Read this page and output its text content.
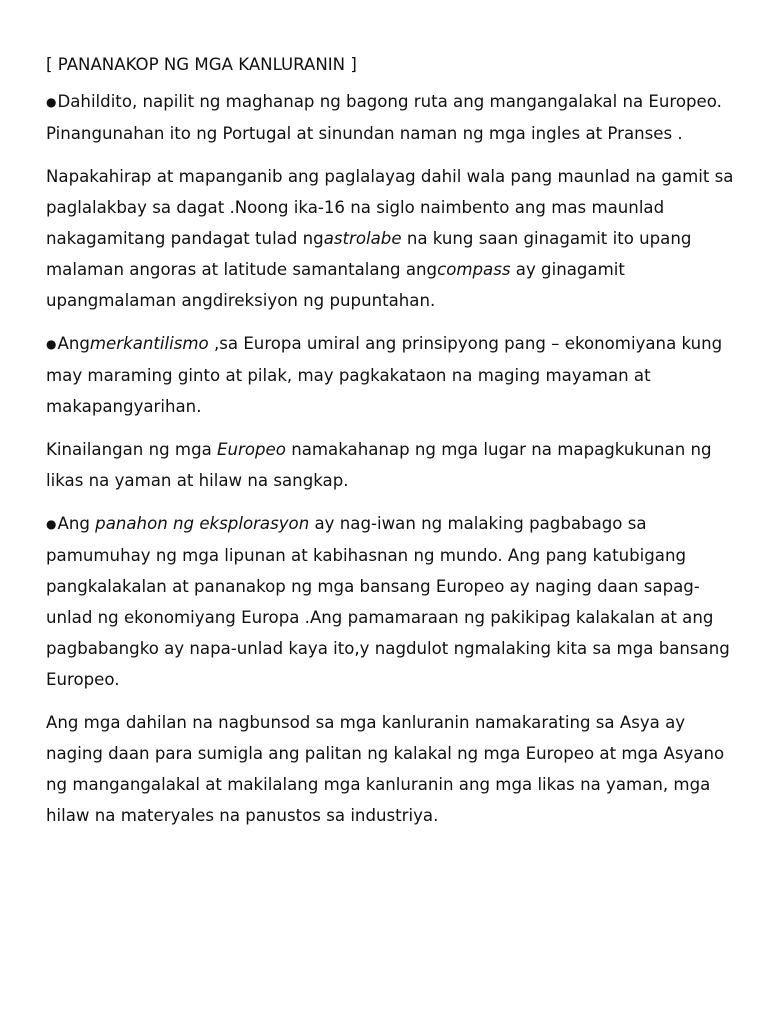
[ PANANAKOP NG MGA KANLURANIN ]

●Dahildito, napilit ng maghanap ng bagong ruta ang mangangalakal na Europeo. Pinangunahan ito ng Portugal at sinundan naman ng mga ingles at Pranses .

Napakahirap at mapanganib ang paglalayag dahil wala pang maunlad na gamit sa paglalakbay sa dagat .Noong ika-16 na siglo naimbento ang mas maunlad nakagamitang pandagat tulad ngastrolabe na kung saan ginagamit ito upang malaman angoras at latitude samantalang angcompass ay ginagamit upangmalaman angdireksiyon ng pupuntahan.

●Angmerkantilismo ,sa Europa umiral ang prinsipyong pang – ekonomiyana kung may maraming ginto at pilak, may pagkakataon na maging mayaman at makapangyarihan.

Kinailangan ng mga Europeo namakahanap ng mga lugar na mapagkukunan ng likas na yaman at hilaw na sangkap.

●Ang panahon ng eksplorasyon ay nag-iwan ng malaking pagbabago sa pamumuhay ng mga lipunan at kabihasnan ng mundo. Ang pang katubigang pangkalakalan at pananakop ng mga bansang Europeo ay naging daan sapag-unlad ng ekonomiyang Europa .Ang pamamaraan ng pakikipag kalakalan at ang pagbabangko ay napa-unlad kaya ito,y nagdulot ngmalaking kita sa mga bansang Europeo.

Ang mga dahilan na nagbunsod sa mga kanluranin namakarating sa Asya ay naging daan para sumigla ang palitan ng kalakal ng mga Europeo at mga Asyano ng mangangalakal at makilalang mga kanluranin ang mga likas na yaman, mga hilaw na materyales na panustos sa industriya.
